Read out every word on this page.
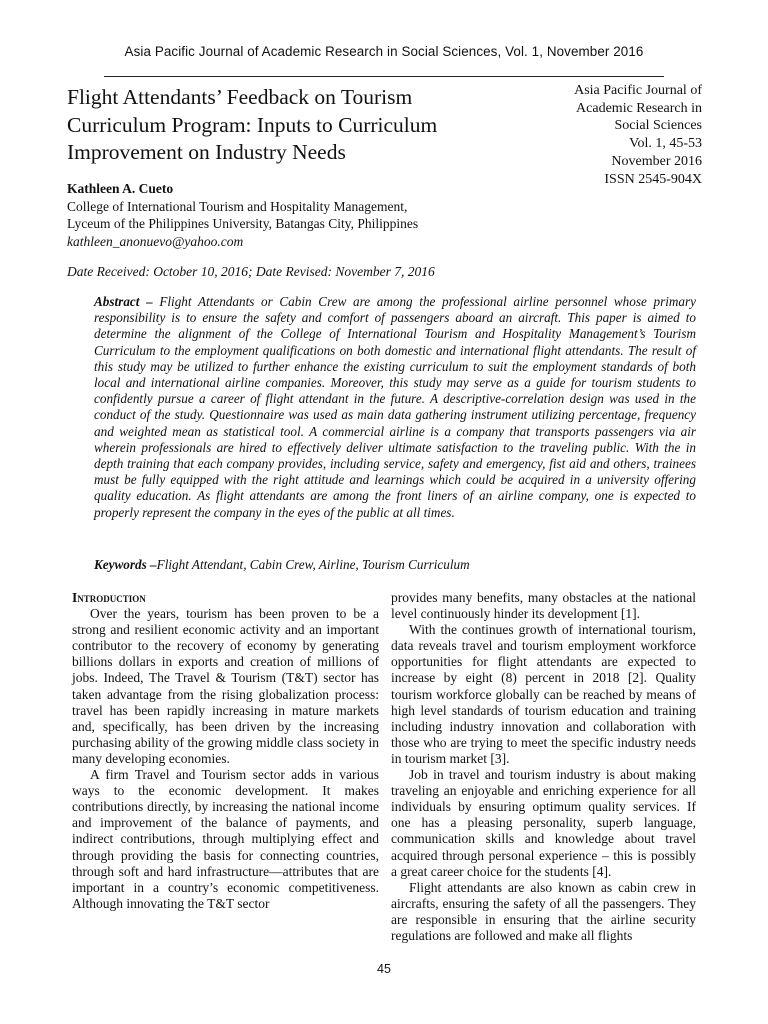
Asia Pacific Journal of Academic Research in Social Sciences, Vol. 1, November 2016
Flight Attendants’ Feedback on Tourism Curriculum Program: Inputs to Curriculum Improvement on Industry Needs
Asia Pacific Journal of
Academic Research in
Social Sciences
Vol. 1, 45-53
November 2016
ISSN 2545-904X
Kathleen A. Cueto
College of International Tourism and Hospitality Management,
Lyceum of the Philippines University, Batangas City, Philippines
kathleen_anonuevo@yahoo.com
Date Received: October 10, 2016; Date Revised: November 7, 2016
Abstract – Flight Attendants or Cabin Crew are among the professional airline personnel whose primary responsibility is to ensure the safety and comfort of passengers aboard an aircraft. This paper is aimed to determine the alignment of the College of International Tourism and Hospitality Management’s Tourism Curriculum to the employment qualifications on both domestic and international flight attendants. The result of this study may be utilized to further enhance the existing curriculum to suit the employment standards of both local and international airline companies. Moreover, this study may serve as a guide for tourism students to confidently pursue a career of flight attendant in the future. A descriptive-correlation design was used in the conduct of the study. Questionnaire was used as main data gathering instrument utilizing percentage, frequency and weighted mean as statistical tool. A commercial airline is a company that transports passengers via air wherein professionals are hired to effectively deliver ultimate satisfaction to the traveling public. With the in depth training that each company provides, including service, safety and emergency, fist aid and others, trainees must be fully equipped with the right attitude and learnings which could be acquired in a university offering quality education. As flight attendants are among the front liners of an airline company, one is expected to properly represent the company in the eyes of the public at all times.
Keywords –Flight Attendant, Cabin Crew, Airline, Tourism Curriculum
Introduction

Over the years, tourism has been proven to be a strong and resilient economic activity and an important contributor to the recovery of economy by generating billions dollars in exports and creation of millions of jobs. Indeed, The Travel & Tourism (T&T) sector has taken advantage from the rising globalization process: travel has been rapidly increasing in mature markets and, specifically, has been driven by the increasing purchasing ability of the growing middle class society in many developing economies.

A firm Travel and Tourism sector adds in various ways to the economic development. It makes contributions directly, by increasing the national income and improvement of the balance of payments, and indirect contributions, through multiplying effect and through providing the basis for connecting countries, through soft and hard infrastructure—attributes that are important in a country’s economic competitiveness. Although innovating the T&T sector

provides many benefits, many obstacles at the national level continuously hinder its development [1].

With the continues growth of international tourism, data reveals travel and tourism employment workforce opportunities for flight attendants are expected to increase by eight (8) percent in 2018 [2]. Quality tourism workforce globally can be reached by means of high level standards of tourism education and training including industry innovation and collaboration with those who are trying to meet the specific industry needs in tourism market [3].

Job in travel and tourism industry is about making traveling an enjoyable and enriching experience for all individuals by ensuring optimum quality services. If one has a pleasing personality, superb language, communication skills and knowledge about travel acquired through personal experience – this is possibly a great career choice for the students [4].

Flight attendants are also known as cabin crew in aircrafts, ensuring the safety of all the passengers. They are responsible in ensuring that the airline security regulations are followed and make all flights

45
